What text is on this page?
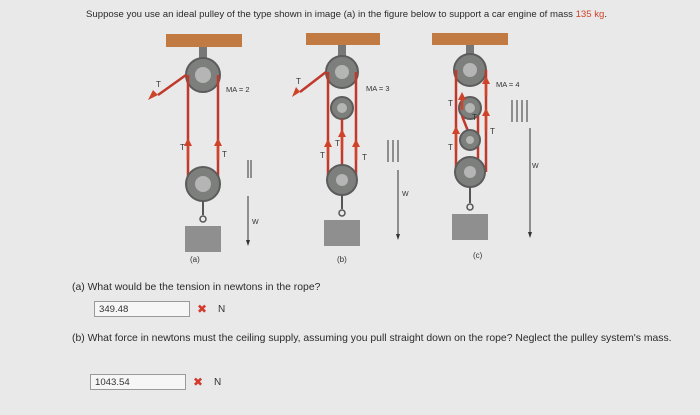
Suppose you use an ideal pulley of the type shown in image (a) in the figure below to support a car engine of mass 135 kg.
T
T
T
MA = 2
W
(a)
T
T
T
T
MA = 3
W
(b)
T
T
T
T
MA = 4
W
(c)
(a) What would be the tension in newtons in the rope?
349.48	✖ N
(b) What force in newtons must the ceiling supply, assuming you pull straight down on the rope? Neglect the pulley system's mass.
1043.54	✖ N
